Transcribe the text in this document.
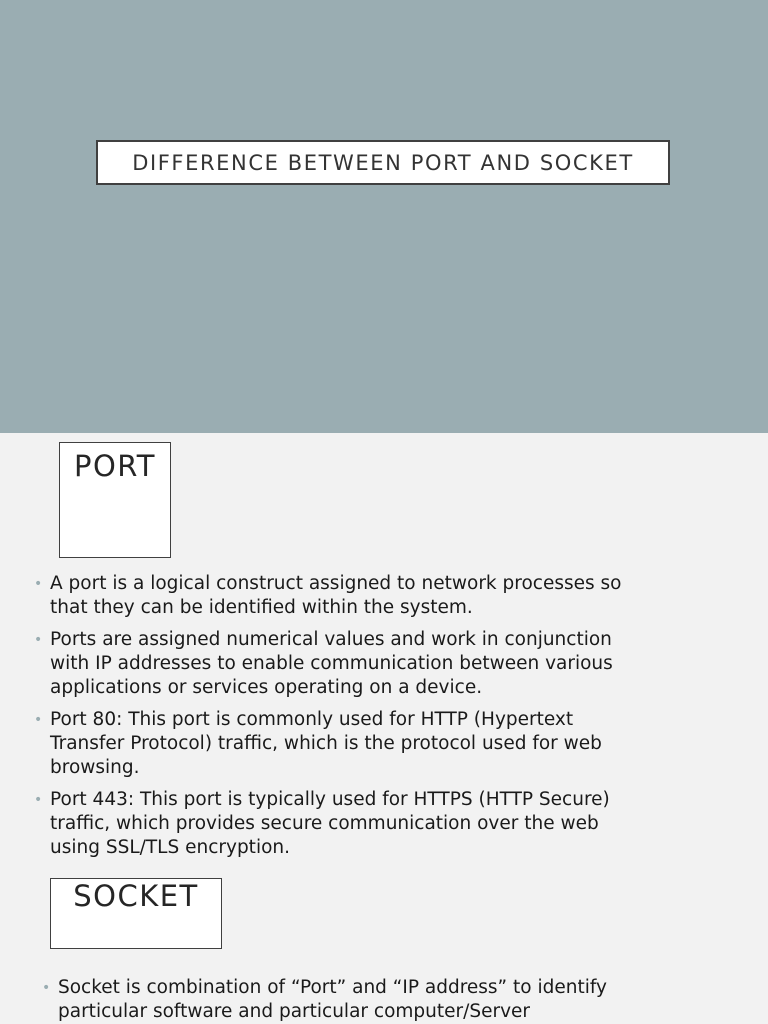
DIFFERENCE BETWEEN PORT AND SOCKET
PORT
• A port is a logical construct assigned to network processes so that they can be identified within the system.
• Ports are assigned numerical values and work in conjunction with IP addresses to enable communication between various applications or services operating on a device.
• Port 80: This port is commonly used for HTTP (Hypertext Transfer Protocol) traffic, which is the protocol used for web browsing.
• Port 443: This port is typically used for HTTPS (HTTP Secure) traffic, which provides secure communication over the web using SSL/TLS encryption.
SOCKET
• Socket is combination of “Port” and “IP address” to identify particular software and particular computer/Server
